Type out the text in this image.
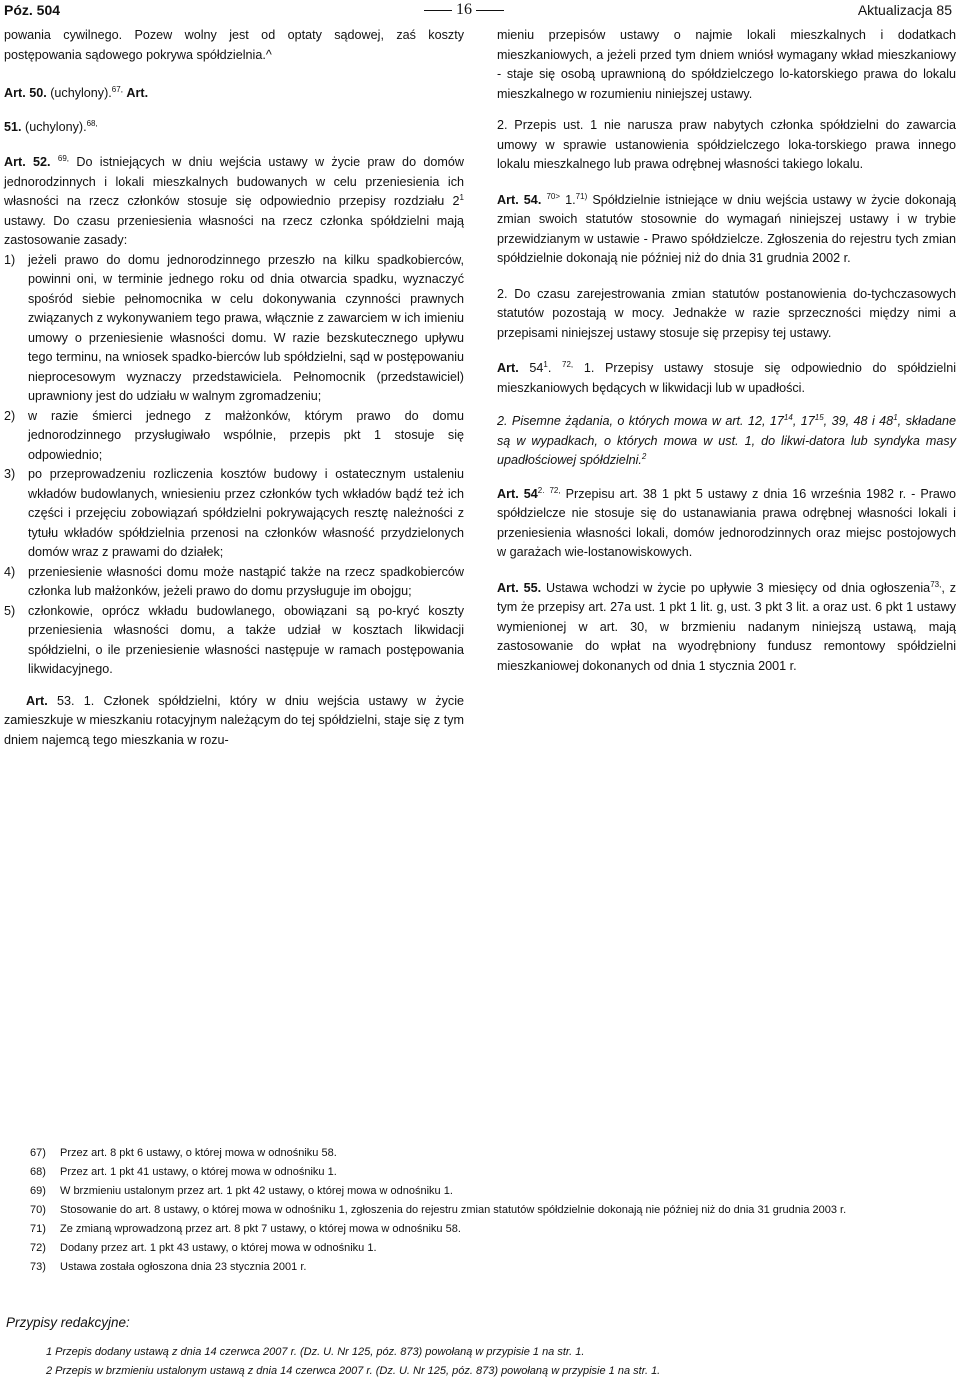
Póz. 504	16	Aktualizacja 85

powania cywilnego. Pozew wolny jest od optaty sądowej, zaś koszty postępowania sądowego pokrywa spółdzielnia.^

Art. 50. (uchylony).$^{67,}$ Art.

51. (uchylony).$^{68,}$

Art. 52. $^{69,}$ Do istniejących w dniu wejścia ustawy w życie praw do domów jednorodzinnych i lokali mieszkalnych budowanych w celu przeniesienia ich własności na rzecz członków stosuje się odpowiednio przepisy rozdziału $2^1$ ustawy. Do czasu przeniesienia własności na rzecz członka spółdzielni mają zastosowanie zasady:

1)	jeżeli prawo do domu jednorodzinnego przeszło na kilku spadkobierców, powinni oni, w terminie jednego roku od dnia otwarcia spadku, wyznaczyć spośród siebie pełnomocnika w celu dokonywania czynności prawnych związanych z wykonywaniem tego prawa, włącznie z zawarciem w ich imieniu umowy o przeniesienie własności domu. W razie bezskutecznego upływu tego terminu, na wniosek spadko-bierców lub spółdzielni, sąd w postępowaniu nieprocesowym wyznaczy przedstawiciela. Pełnomocnik (przedstawiciel) uprawniony jest do udziału w walnym zgromadzeniu;
2)	w razie śmierci jednego z małżonków, którym prawo do domu jednorodzinnego przysługiwało wspólnie, przepis pkt 1 stosuje się odpowiednio;
3)	po przeprowadzeniu rozliczenia kosztów budowy i ostatecznym ustaleniu wkładów budowlanych, wniesieniu przez członków tych wkładów bądź też ich części i przejęciu zobowiązań spółdzielni pokrywających resztę należności z tytułu wkładów spółdzielnia przenosi na członków własność przydzielonych domów wraz z prawami do działek;
4)	przeniesienie własności domu może nastąpić także na rzecz spadkobierców członka lub małżonków, jeżeli prawo do domu przysługuje im obojgu;
5)	członkowie, oprócz wkładu budowlanego, obowiązani są po-kryć koszty przeniesienia własności domu, a także udział w kosztach likwidacji spółdzielni, o ile przeniesienie własności następuje w ramach postępowania likwidacyjnego.

Art. 53. 1. Członek spółdzielni, który w dniu wejścia ustawy w życie zamieszkuje w mieszkaniu rotacyjnym należącym do tej spółdzielni, staje się z tym dniem najemcą tego mieszkania w rozu-

mieniu przepisów ustawy o najmie lokali mieszkalnych i dodatkach mieszkaniowych, a jeżeli przed tym dniem wniósł wymagany wkład mieszkaniowy - staje się osobą uprawnioną do spółdzielczego lo-katorskiego prawa do lokalu mieszkalnego w rozumieniu niniejszej ustawy.

2. Przepis ust. 1 nie narusza praw nabytych członka spółdzielni do zawarcia umowy w sprawie ustanowienia spółdzielczego loka-torskiego prawa innego lokalu mieszkalnego lub prawa odrębnej własności takiego lokalu.

Art. 54. $^{70>}$ 1.$^{71)}$ Spółdzielnie istniejące w dniu wejścia ustawy w życie dokonają zmian swoich statutów stosownie do wymagań niniejszej ustawy i w trybie przewidzianym w ustawie - Prawo spółdzielcze. Zgłoszenia do rejestru tych zmian spółdzielnie dokonają nie później niż do dnia 31 grudnia 2002 r.

2. Do czasu zarejestrowania zmian statutów postanowienia do-tychczasowych statutów pozostają w mocy. Jednakże w razie sprzeczności między nimi a przepisami niniejszej ustawy stosuje się przepisy tej ustawy.

Art. $54^1$. $^{72,}$ 1. Przepisy ustawy stosuje się odpowiednio do spółdzielni mieszkaniowych będących w likwidacji lub w upadłości.

2. Pisemne żądania, o których mowa w art. 12, $17^{14}$, $17^{15}$, 39, 48 i $48^1$, składane są w wypadkach, o których mowa w ust. 1, do likwi-datora lub syndyka masy upadłościowej spółdzielni.$^2$

Art. $54^{2.}$ $^{72,}$ Przepisu art. 38 1 pkt 5 ustawy z dnia 16 września 1982 r. - Prawo spółdzielcze nie stosuje się do ustanawiania prawa odrębnej własności lokali i przeniesienia własności lokali, domów jednorodzinnych oraz miejsc postojowych w garażach wie-lostanowiskowych.

Art. 55. Ustawa wchodzi w życie po upływie 3 miesięcy od dnia ogłoszenia$^{73,}$, z tym że przepisy art. 27a ust. 1 pkt 1 lit. g, ust. 3 pkt 3 lit. a oraz ust. 6 pkt 1 ustawy wymienionej w art. 30, w brzmieniu nadanym niniejszą ustawą, mają zastosowanie do wpłat na wyodrębniony fundusz remontowy spółdzielni mieszkaniowej dokonanych od dnia 1 stycznia 2001 r.

67)	Przez art. 8 pkt 6 ustawy, o której mowa w odnośniku 58.
68)	Przez art. 1 pkt 41 ustawy, o której mowa w odnośniku 1.
69)	W brzmieniu ustalonym przez art. 1 pkt 42 ustawy, o której mowa w odnośniku 1.
70)	Stosowanie do art. 8 ustawy, o której mowa w odnośniku 1, zgłoszenia do rejestru zmian statutów spółdzielnie dokonają nie później niż do dnia 31 grudnia 2003 r.
71)	Ze zmianą wprowadzoną przez art. 8 pkt 7 ustawy, o której mowa w odnośniku 58.
72)	Dodany przez art. 1 pkt 43 ustawy, o której mowa w odnośniku 1.
73)	Ustawa została ogłoszona dnia 23 stycznia 2001 r.
Przypisy redakcyjne:
1 Przepis dodany ustawą z dnia 14 czerwca 2007 r. (Dz. U. Nr 125, póz. 873) powołaną w przypisie 1 na str. 1.
2 Przepis w brzmieniu ustalonym ustawą z dnia 14 czerwca 2007 r. (Dz. U. Nr 125, póz. 873) powołaną w przypisie 1 na str. 1.
